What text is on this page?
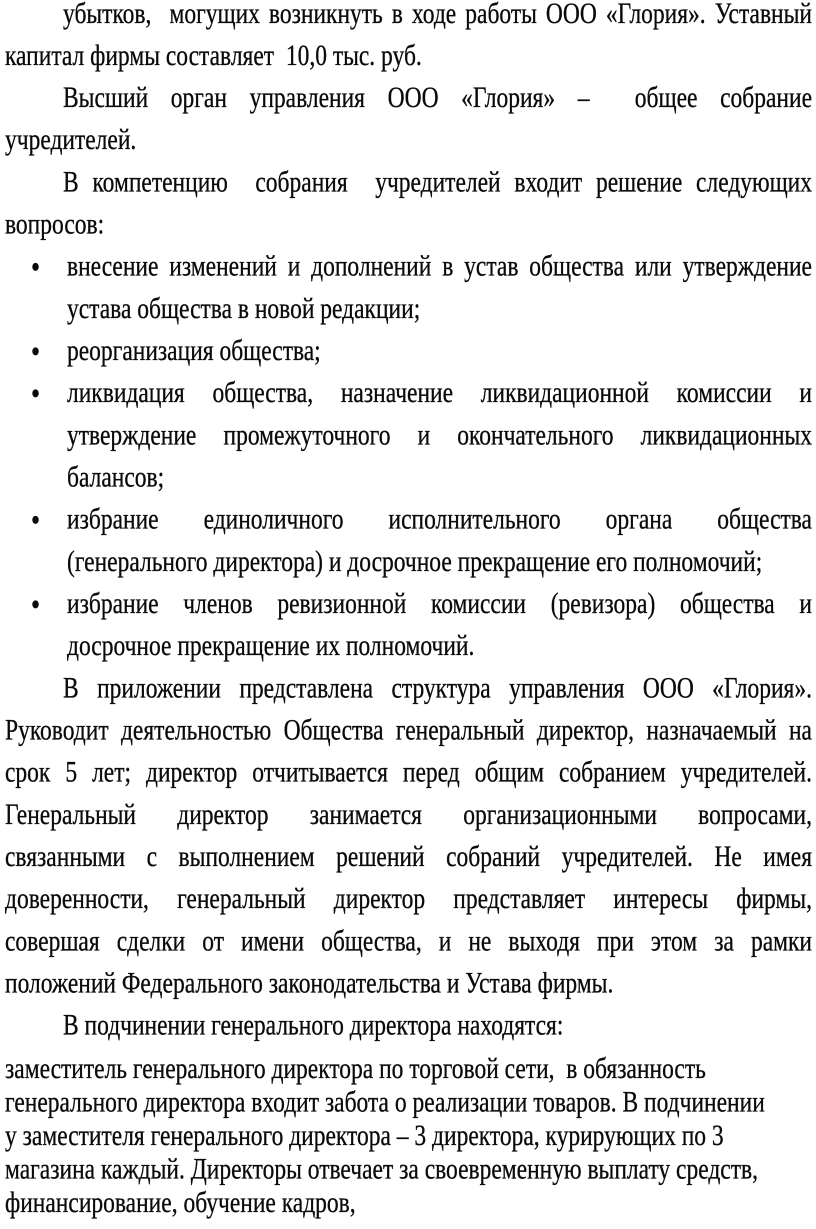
убытков,  могущих возникнуть в ходе работы ООО «Глория». Уставный
капитал фирмы составляет  10,0 тыс. руб.
Высший орган управления ООО «Глория» –  общее собрание
учредителей.
В компетенцию  собрания  учредителей входит решение следующих
вопросов:
● внесение изменений и дополнений в устав общества или утверждение
устава общества в новой редакции;
● реорганизация общества;
● ликвидация общества, назначение ликвидационной комиссии и
утверждение промежуточного и окончательного ликвидационных
балансов;
● избрание единоличного исполнительного органа общества
(генерального директора) и досрочное прекращение его полномочий;
● избрание членов ревизионной комиссии (ревизора) общества и
досрочное прекращение их полномочий.
В приложении представлена структура управления ООО «Глория».
Руководит деятельностью Общества генеральный директор, назначаемый на
срок 5 лет; директор отчитывается перед общим собранием учредителей.
Генеральный директор занимается организационными вопросами,
связанными с выполнением решений собраний учредителей. Не имея
доверенности, генеральный директор представляет интересы фирмы,
совершая сделки от имени общества, и не выходя при этом за рамки
положений Федерального законодательства и Устава фирмы.
В подчинении генерального директора находятся:
заместитель генерального директора по торговой сети,  в обязанность
генерального директора входит забота о реализации товаров. В подчинении
у заместителя генерального директора – 3 директора, курирующих по 3
магазина каждый. Директоры отвечает за своевременную выплату средств,
финансирование, обучение кадров,
